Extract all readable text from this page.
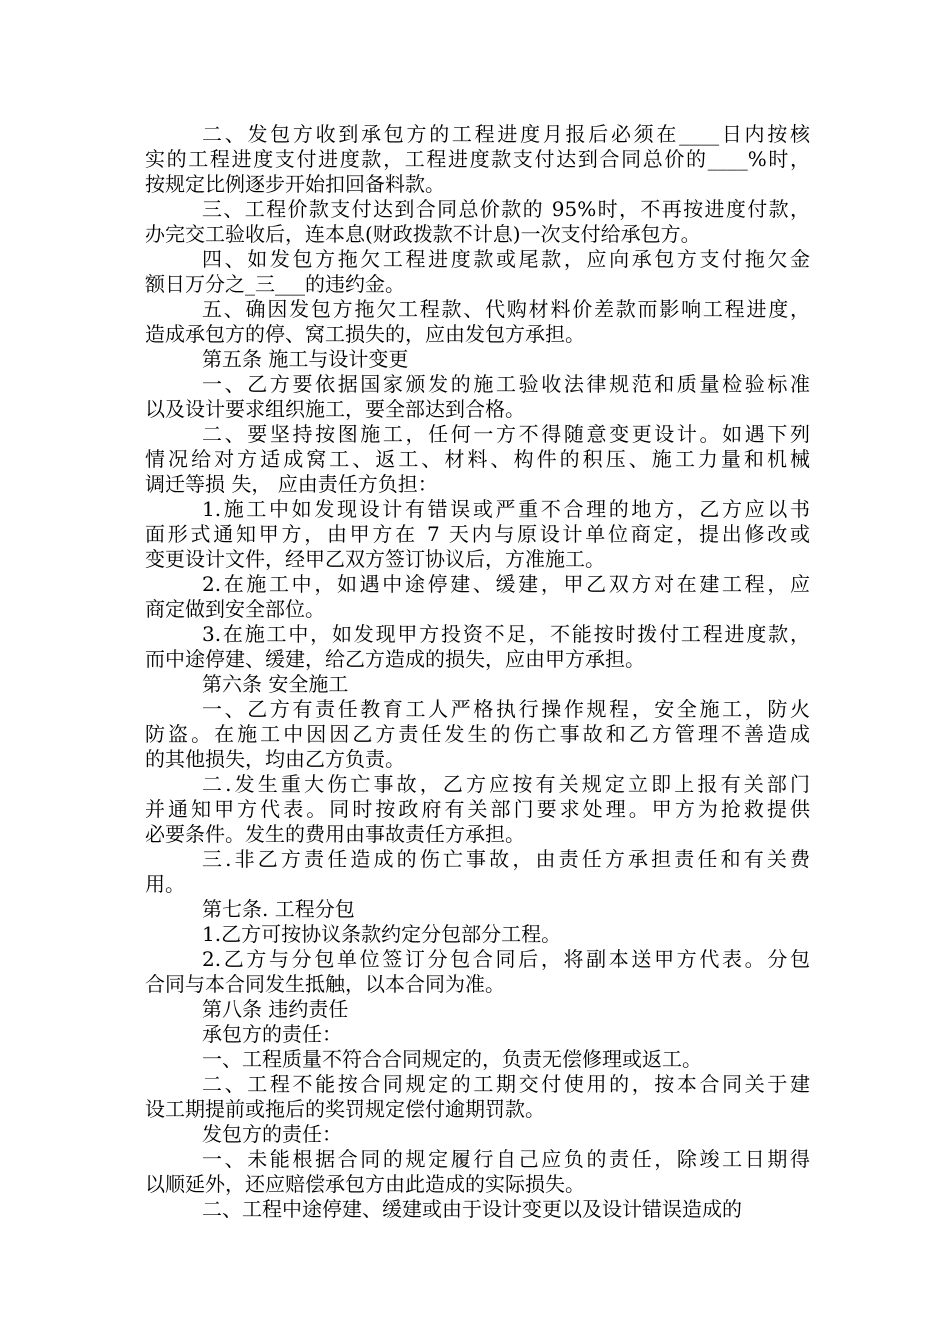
二、发包方收到承包方的工程进度月报后必须在____日内按核
实的工程进度支付进度款，工程进度款支付达到合同总价的____%时，
按规定比例逐步开始扣回备料款。
三、工程价款支付达到合同总价款的 95%时，不再按进度付款，
办完交工验收后，连本息(财政拨款不计息)一次支付给承包方。
四、如发包方拖欠工程进度款或尾款，应向承包方支付拖欠金
额日万分之_三___的违约金。
五、确因发包方拖欠工程款、代购材料价差款而影响工程进度，
造成承包方的停、窝工损失的，应由发包方承担。
第五条 施工与设计变更
一、乙方要依据国家颁发的施工验收法律规范和质量检验标准
以及设计要求组织施工，要全部达到合格。
二、要坚持按图施工，任何一方不得随意变更设计。如遇下列
情况给对方适成窝工、返工、材料、构件的积压、施工力量和机械
调迁等损 失， 应由责任方负担：
1.施工中如发现设计有错误或严重不合理的地方，乙方应以书
面形式通知甲方，由甲方在 7 天内与原设计单位商定，提出修改或
变更设计文件，经甲乙双方签订协议后，方准施工。
2.在施工中，如遇中途停建、缓建，甲乙双方对在建工程，应
商定做到安全部位。
3.在施工中，如发现甲方投资不足，不能按时拨付工程进度款，
而中途停建、缓建，给乙方造成的损失，应由甲方承担。
第六条 安全施工
一、乙方有责任教育工人严格执行操作规程，安全施工，防火
防盗。在施工中因因乙方责任发生的伤亡事故和乙方管理不善造成
的其他损失，均由乙方负责。
二.发生重大伤亡事故，乙方应按有关规定立即上报有关部门
并通知甲方代表。同时按政府有关部门要求处理。甲方为抢救提供
必要条件。发生的费用由事故责任方承担。
三.非乙方责任造成的伤亡事故，由责任方承担责任和有关费
用。
第七条. 工程分包
1.乙方可按协议条款约定分包部分工程。
2.乙方与分包单位签订分包合同后，将副本送甲方代表。分包
合同与本合同发生抵触，以本合同为准。
第八条 违约责任
承包方的责任：
一、工程质量不符合合同规定的，负责无偿修理或返工。
二、工程不能按合同规定的工期交付使用的，按本合同关于建
设工期提前或拖后的奖罚规定偿付逾期罚款。
发包方的责任：
一、未能根据合同的规定履行自己应负的责任，除竣工日期得
以顺延外，还应赔偿承包方由此造成的实际损失。
二、工程中途停建、缓建或由于设计变更以及设计错误造成的
